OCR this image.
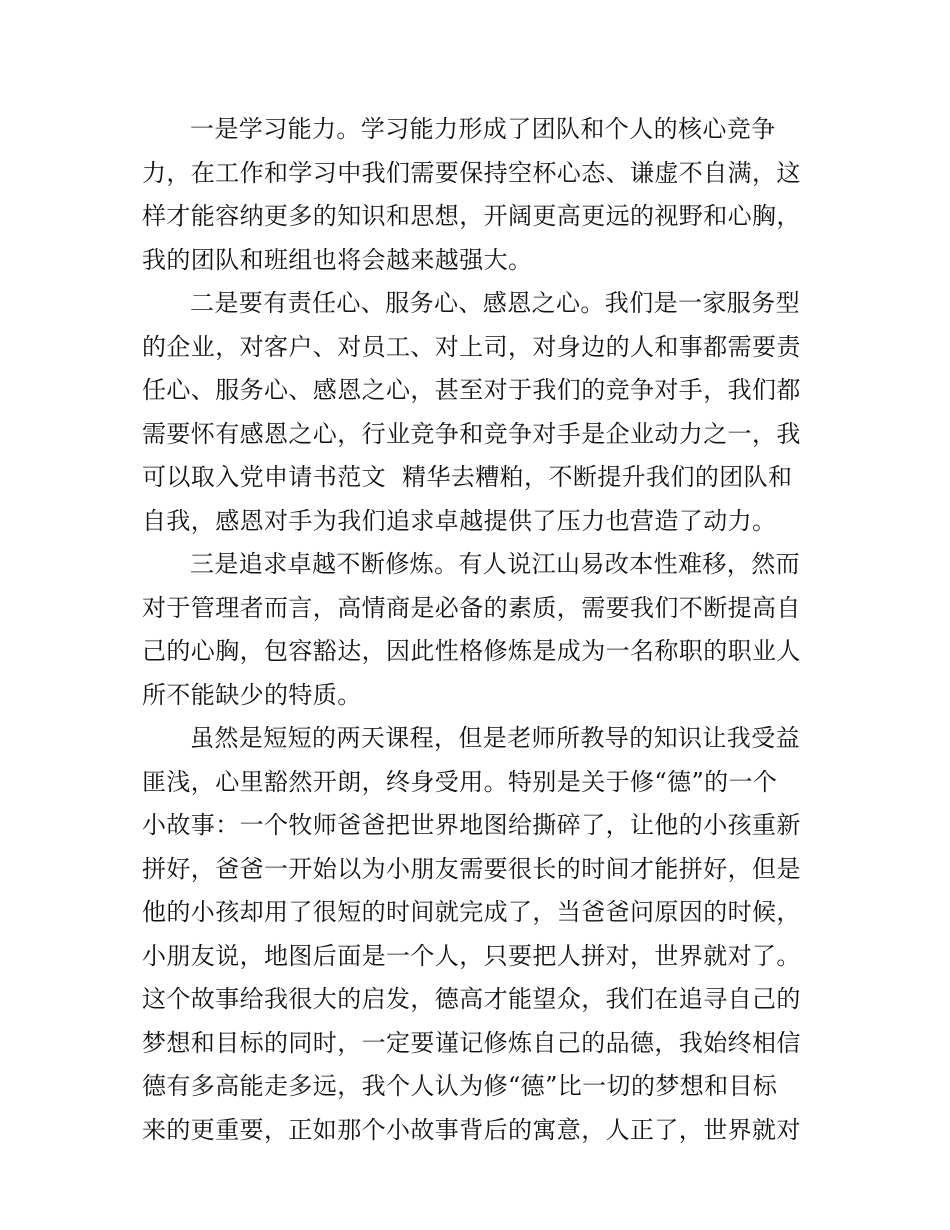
一是学习能力。学习能力形成了团队和个人的核心竞争
力，在工作和学习中我们需要保持空杯心态、谦虚不自满，这
样才能容纳更多的知识和思想，开阔更高更远的视野和心胸，
我的团队和班组也将会越来越强大。
二是要有责任心、服务心、感恩之心。我们是一家服务型
的企业，对客户、对员工、对上司，对身边的人和事都需要责
任心、服务心、感恩之心，甚至对于我们的竞争对手，我们都
需要怀有感恩之心，行业竞争和竞争对手是企业动力之一，我
可以取入党申请书范文  精华去糟粕，不断提升我们的团队和
自我，感恩对手为我们追求卓越提供了压力也营造了动力。
三是追求卓越不断修炼。有人说江山易改本性难移，然而
对于管理者而言，高情商是必备的素质，需要我们不断提高自
己的心胸，包容豁达，因此性格修炼是成为一名称职的职业人
所不能缺少的特质。
虽然是短短的两天课程，但是老师所教导的知识让我受益
匪浅，心里豁然开朗，终身受用。特别是关于修“德”的一个
小故事：一个牧师爸爸把世界地图给撕碎了，让他的小孩重新
拼好，爸爸一开始以为小朋友需要很长的时间才能拼好，但是
他的小孩却用了很短的时间就完成了，当爸爸问原因的时候，
小朋友说，地图后面是一个人，只要把人拼对，世界就对了。
这个故事给我很大的启发，德高才能望众，我们在追寻自己的
梦想和目标的同时，一定要谨记修炼自己的品德，我始终相信
德有多高能走多远，我个人认为修“德”比一切的梦想和目标
来的更重要，正如那个小故事背后的寓意，人正了，世界就对
